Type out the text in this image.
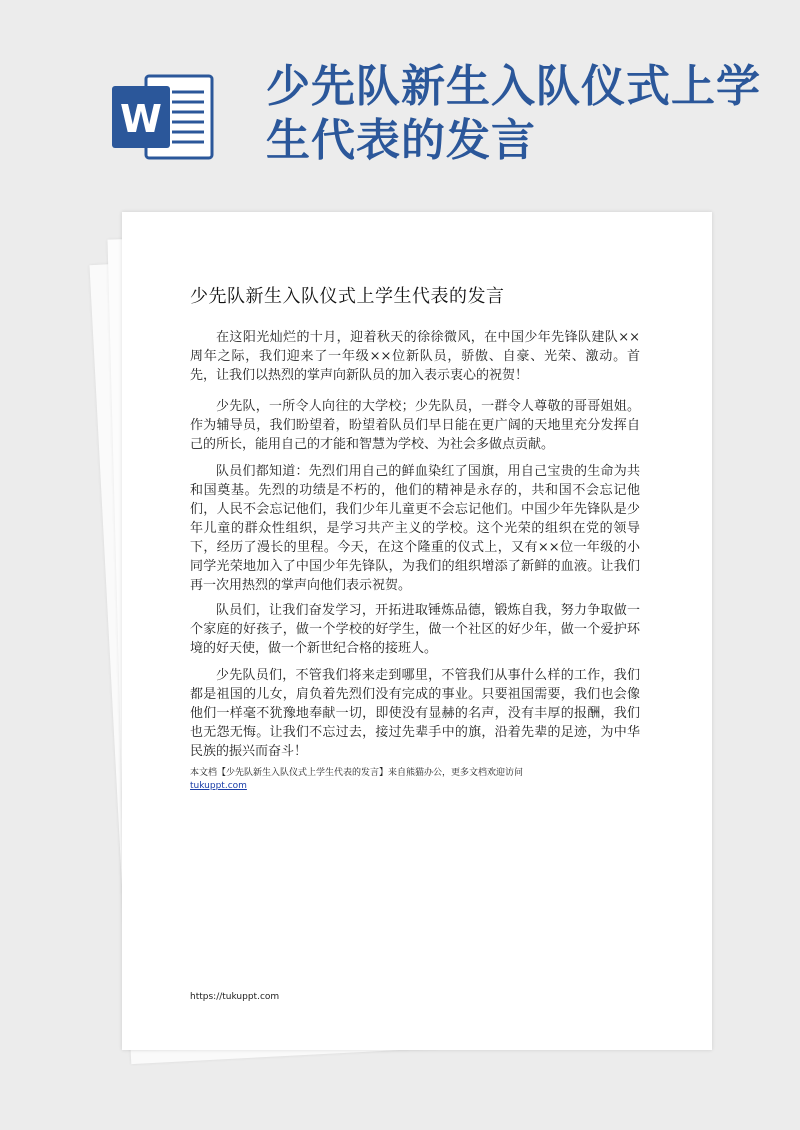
W
少先队新生入队仪式上学生代表的发言
少先队新生入队仪式上学生代表的发言

在这阳光灿烂的十月，迎着秋天的徐徐微风，在中国少年先锋队建队××周年之际，我们迎来了一年级××位新队员，骄傲、自豪、光荣、激动。首先，让我们以热烈的掌声向新队员的加入表示衷心的祝贺！

少先队，一所令人向往的大学校；少先队员，一群令人尊敬的哥哥姐姐。作为辅导员，我们盼望着，盼望着队员们早日能在更广阔的天地里充分发挥自己的所长，能用自己的才能和智慧为学校、为社会多做点贡献。

队员们都知道：先烈们用自己的鲜血染红了国旗，用自己宝贵的生命为共和国奠基。先烈的功绩是不朽的，他们的精神是永存的，共和国不会忘记他们，人民不会忘记他们，我们少年儿童更不会忘记他们。中国少年先锋队是少年儿童的群众性组织，是学习共产主义的学校。这个光荣的组织在党的领导下，经历了漫长的里程。今天，在这个隆重的仪式上，又有××位一年级的小同学光荣地加入了中国少年先锋队，为我们的组织增添了新鲜的血液。让我们再一次用热烈的掌声向他们表示祝贺。

队员们，让我们奋发学习，开拓进取锤炼品德，锻炼自我，努力争取做一个家庭的好孩子，做一个学校的好学生，做一个社区的好少年，做一个爱护环境的好天使，做一个新世纪合格的接班人。

少先队员们，不管我们将来走到哪里，不管我们从事什么样的工作，我们都是祖国的儿女，肩负着先烈们没有完成的事业。只要祖国需要，我们也会像他们一样毫不犹豫地奉献一切，即使没有显赫的名声，没有丰厚的报酬，我们也无怨无悔。让我们不忘过去，接过先辈手中的旗，沿着先辈的足迹，为中华民族的振兴而奋斗！

本文档【少先队新生入队仪式上学生代表的发言】来自熊猫办公，更多文档欢迎访问
tukuppt.com
https://tukuppt.com
